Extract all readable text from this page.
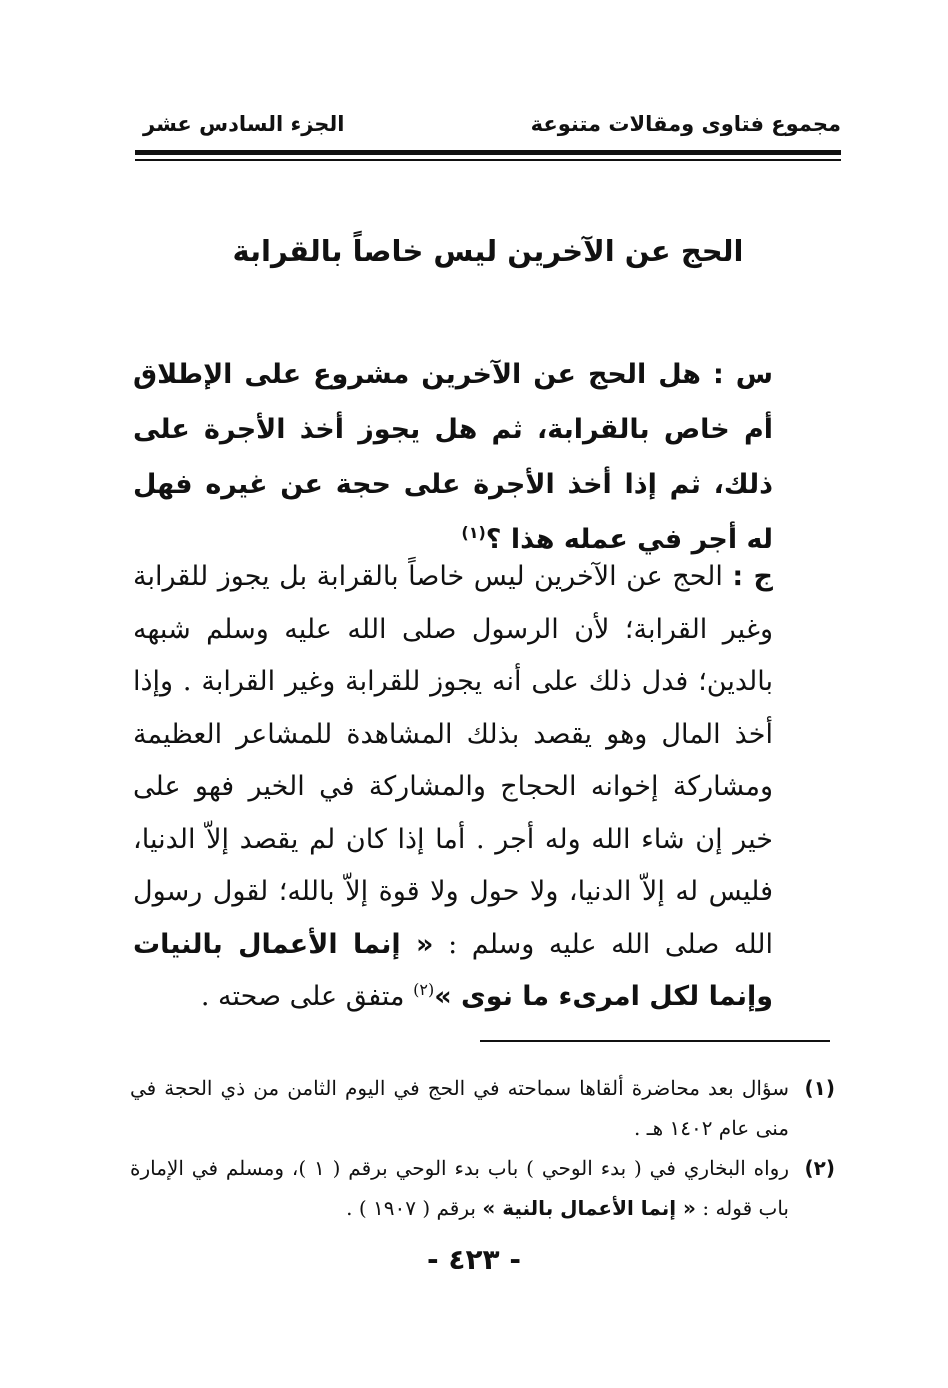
مجموع فتاوى ومقالات متنوعة
الجزء السادس عشر
الحج عن الآخرين ليس خاصاً بالقرابة
س : هل الحج عن الآخرين مشروع على الإطلاق أم خاص بالقرابة، ثم هل يجوز أخذ الأجرة على ذلك، ثم إذا أخذ الأجرة على حجة عن غيره فهل له أجر في عمله هذا ؟$^{(١)}$
ج : الحج عن الآخرين ليس خاصاً بالقرابة بل يجوز للقرابة وغير القرابة؛ لأن الرسول صلى الله عليه وسلم شبهه بالدين؛ فدل ذلك على أنه يجوز للقرابة وغير القرابة . وإذا أخذ المال وهو يقصد بذلك المشاهدة للمشاعر العظيمة ومشاركة إخوانه الحجاج والمشاركة في الخير فهو على خير إن شاء الله وله أجر . أما إذا كان لم يقصد إلاّ الدنيا، فليس له إلاّ الدنيا، ولا حول ولا قوة إلاّ بالله؛ لقول رسول الله صلى الله عليه وسلم : « إنما الأعمال بالنيات وإنما لكل امرىء ما نوى »$^{(٢)}$ متفق على صحته .
(١)
سؤال بعد محاضرة ألقاها سماحته في الحج في اليوم الثامن من ذي الحجة في منى عام ١٤٠٢ هـ .
(٢)
رواه البخاري في ( بدء الوحي ) باب بدء الوحي برقم ( ١ )، ومسلم في الإمارة باب قوله : « إنما الأعمال بالنية » برقم ( ١٩٠٧ ) .
- ٤٢٣ -
